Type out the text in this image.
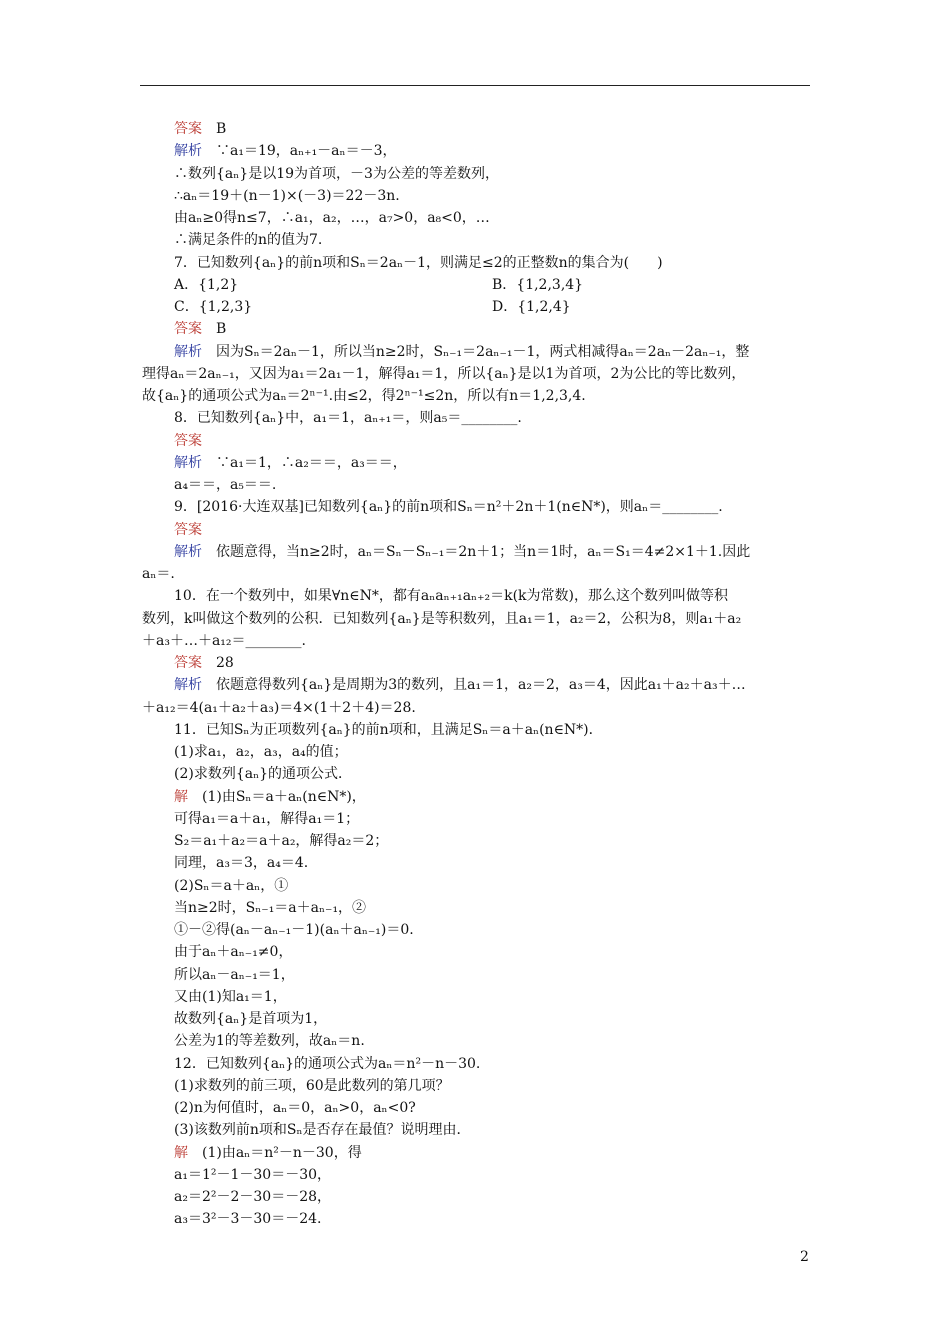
答案　B
解析　∵a₁＝19，aₙ₊₁－aₙ＝－3，
∴数列{aₙ}是以19为首项，－3为公差的等差数列，
∴aₙ＝19＋(n－1)×(－3)＝22－3n.
由aₙ≥0得n≤7，∴a₁，a₂，…，a₇>0，a₈<0，…
∴满足条件的n的值为7.
7．已知数列{aₙ}的前n项和Sₙ＝2aₙ－1，则满足≤2的正整数n的集合为(　　)
A．{1,2}	B．{1,2,3,4}
C．{1,2,3}	D．{1,2,4}
答案　B
解析　因为Sₙ＝2aₙ－1，所以当n≥2时，Sₙ₋₁＝2aₙ₋₁－1，两式相减得aₙ＝2aₙ－2aₙ₋₁，整
理得aₙ＝2aₙ₋₁，又因为a₁＝2a₁－1，解得a₁＝1，所以{aₙ}是以1为首项，2为公比的等比数列，
故{aₙ}的通项公式为aₙ＝2ⁿ⁻¹.由≤2，得2ⁿ⁻¹≤2n，所以有n＝1,2,3,4.
8．已知数列{aₙ}中，a₁＝1，aₙ₊₁＝，则a₅＝________.
答案
解析　∵a₁＝1，∴a₂＝＝，a₃＝＝，
a₄＝＝，a₅＝＝.
9．[2016·大连双基]已知数列{aₙ}的前n项和Sₙ＝n²＋2n＋1(n∈N*)，则aₙ＝________.
答案
解析　依题意得，当n≥2时，aₙ＝Sₙ－Sₙ₋₁＝2n＋1；当n＝1时，aₙ＝S₁＝4≠2×1＋1.因此
aₙ＝.
10．在一个数列中，如果∀n∈N*，都有aₙaₙ₊₁aₙ₊₂＝k(k为常数)，那么这个数列叫做等积
数列，k叫做这个数列的公积．已知数列{aₙ}是等积数列，且a₁＝1，a₂＝2，公积为8，则a₁＋a₂
＋a₃＋…＋a₁₂＝________.
答案　28
解析　依题意得数列{aₙ}是周期为3的数列，且a₁＝1，a₂＝2，a₃＝4，因此a₁＋a₂＋a₃＋…
＋a₁₂＝4(a₁＋a₂＋a₃)＝4×(1＋2＋4)＝28.
11．已知Sₙ为正项数列{aₙ}的前n项和，且满足Sₙ＝a＋aₙ(n∈N*)．
(1)求a₁，a₂，a₃，a₄的值；
(2)求数列{aₙ}的通项公式．
解　(1)由Sₙ＝a＋aₙ(n∈N*)，
可得a₁＝a＋a₁，解得a₁＝1；
S₂＝a₁＋a₂＝a＋a₂，解得a₂＝2；
同理，a₃＝3，a₄＝4.
(2)Sₙ＝a＋aₙ，①
当n≥2时，Sₙ₋₁＝a＋aₙ₋₁，②
①－②得(aₙ－aₙ₋₁－1)(aₙ＋aₙ₋₁)＝0.
由于aₙ＋aₙ₋₁≠0，
所以aₙ－aₙ₋₁＝1，
又由(1)知a₁＝1，
故数列{aₙ}是首项为1，
公差为1的等差数列，故aₙ＝n.
12．已知数列{aₙ}的通项公式为aₙ＝n²－n－30.
(1)求数列的前三项，60是此数列的第几项？
(2)n为何值时，aₙ＝0，aₙ>0，aₙ<0?
(3)该数列前n项和Sₙ是否存在最值？说明理由．
解　(1)由aₙ＝n²－n－30，得
a₁＝1²－1－30＝－30，
a₂＝2²－2－30＝－28，
a₃＝3²－3－30＝－24.
2
